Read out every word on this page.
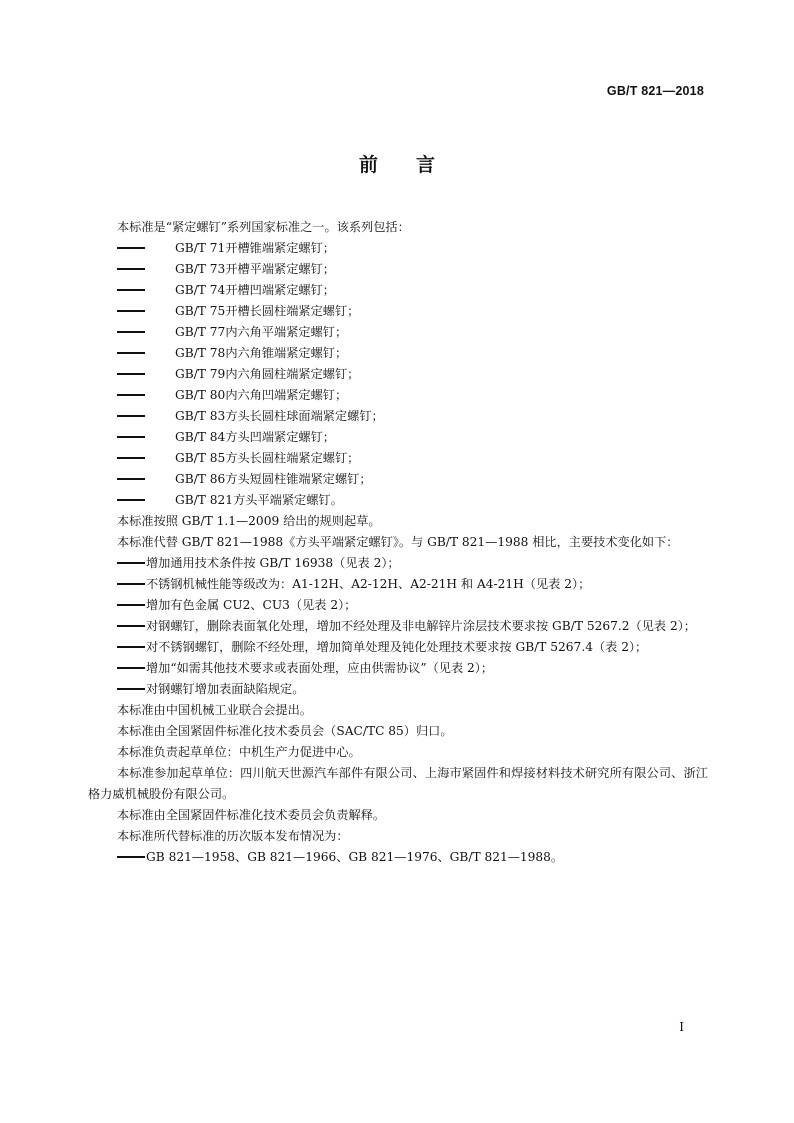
GB/T 821—2018
前 言

本标准是“紧定螺钉”系列国家标准之一。该系列包括：

GB/T 71开槽锥端紧定螺钉；

GB/T 73开槽平端紧定螺钉；

GB/T 74开槽凹端紧定螺钉；

GB/T 75开槽长圆柱端紧定螺钉；

GB/T 77内六角平端紧定螺钉；

GB/T 78内六角锥端紧定螺钉；

GB/T 79内六角圆柱端紧定螺钉；

GB/T 80内六角凹端紧定螺钉；

GB/T 83方头长圆柱球面端紧定螺钉；

GB/T 84方头凹端紧定螺钉；

GB/T 85方头长圆柱端紧定螺钉；

GB/T 86方头短圆柱锥端紧定螺钉；

GB/T 821方头平端紧定螺钉。

本标准按照 GB/T 1.1—2009 给出的规则起草。

本标准代替 GB/T 821—1988《方头平端紧定螺钉》。与 GB/T 821—1988 相比，主要技术变化如下：

增加通用技术条件按 GB/T 16938（见表 2）；

不锈钢机械性能等级改为：A1-12H、A2-12H、A2-21H 和 A4-21H（见表 2）；

增加有色金属 CU2、CU3（见表 2）；

对钢螺钉，删除表面氧化处理，增加不经处理及非电解锌片涂层技术要求按 GB/T 5267.2（见表 2）；

对不锈钢螺钉，删除不经处理，增加简单处理及钝化处理技术要求按 GB/T 5267.4（表 2）；

增加“如需其他技术要求或表面处理，应由供需协议”（见表 2）；

对钢螺钉增加表面缺陷规定。

本标准由中国机械工业联合会提出。

本标准由全国紧固件标准化技术委员会（SAC/TC 85）归口。

本标准负责起草单位：中机生产力促进中心。

本标准参加起草单位：四川航天世源汽车部件有限公司、上海市紧固件和焊接材料技术研究所有限公司、浙江格力威机械股份有限公司。

本标准由全国紧固件标准化技术委员会负责解释。

本标准所代替标准的历次版本发布情况为：

GB 821—1958、GB 821—1966、GB 821—1976、GB/T 821—1988。

I
